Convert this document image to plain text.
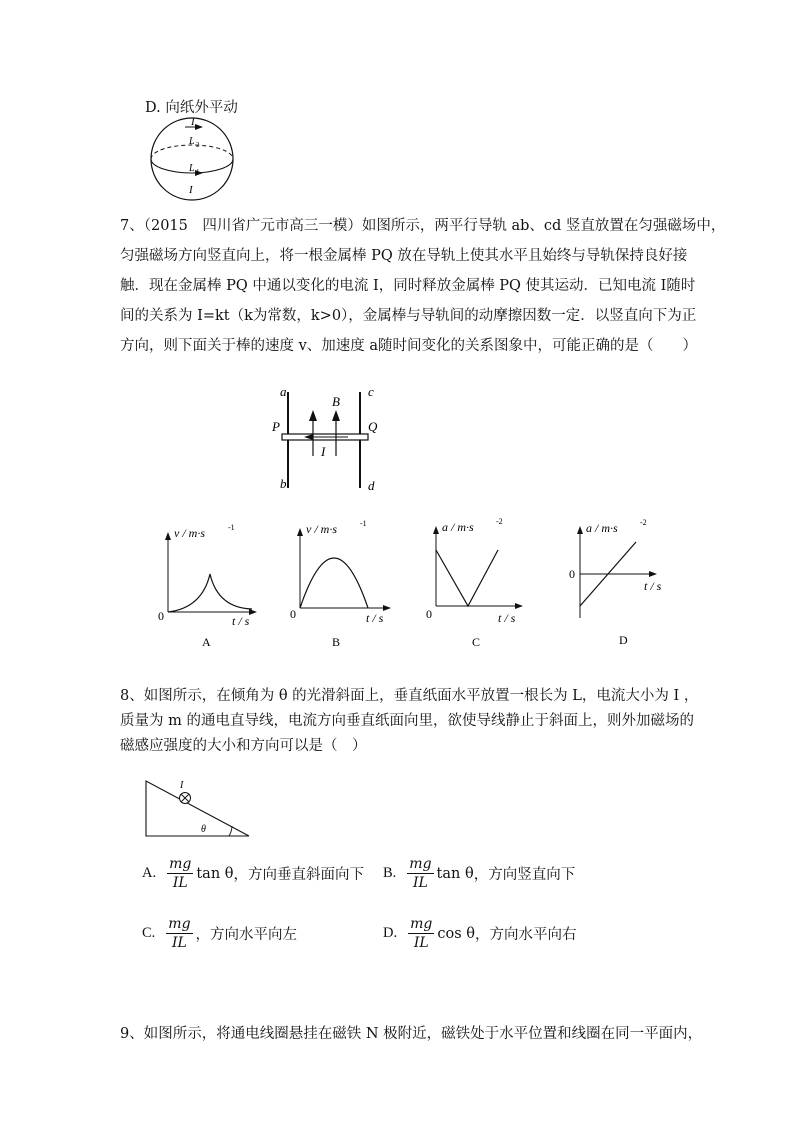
D. 向纸外平动
I
L 2
L 1
I
7、（2015　四川省广元市高三一模）如图所示，两平行导轨 ab、cd 竖直放置在匀强磁场中，
匀强磁场方向竖直向上，将一根金属棒 PQ 放在导轨上使其水平且始终与导轨保持良好接
触．现在金属棒 PQ 中通以变化的电流 I，同时释放金属棒 PQ 使其运动．已知电流 I随时
间的关系为 I=kt（k为常数，k>0），金属棒与导轨间的动摩擦因数一定．以竖直向下为正
方向，则下面关于棒的速度 v、加速度 a随时间变化的关系图象中，可能正确的是（　　）
a	c
P	Q
B
I
b	d
v / m·s	-1
0	t / s
A
v / m·s	-1
0	t / s
B
a / m·s	-2
0	t / s
C
a / m·s	-2
0
t / s
D
8、如图所示，在倾角为 θ 的光滑斜面上，垂直纸面水平放置一根长为 L，电流大小为 I ，
质量为 m 的通电直导线，电流方向垂直纸面向里，欲使导线静止于斜面上，则外加磁场的
磁感应强度的大小和方向可以是（　）
I
θ
A. $\frac{mg}{IL}$ tan θ ，方向垂直斜面向下 B. $\frac{mg}{IL}$ tan θ ，方向竖直向下
C. $\frac{mg}{IL}$ ，方向水平向左	D. $\frac{mg}{IL}$ cos θ ，方向水平向右
9、如图所示，将通电线圈悬挂在磁铁 N 极附近，磁铁处于水平位置和线圈在同一平面内，
